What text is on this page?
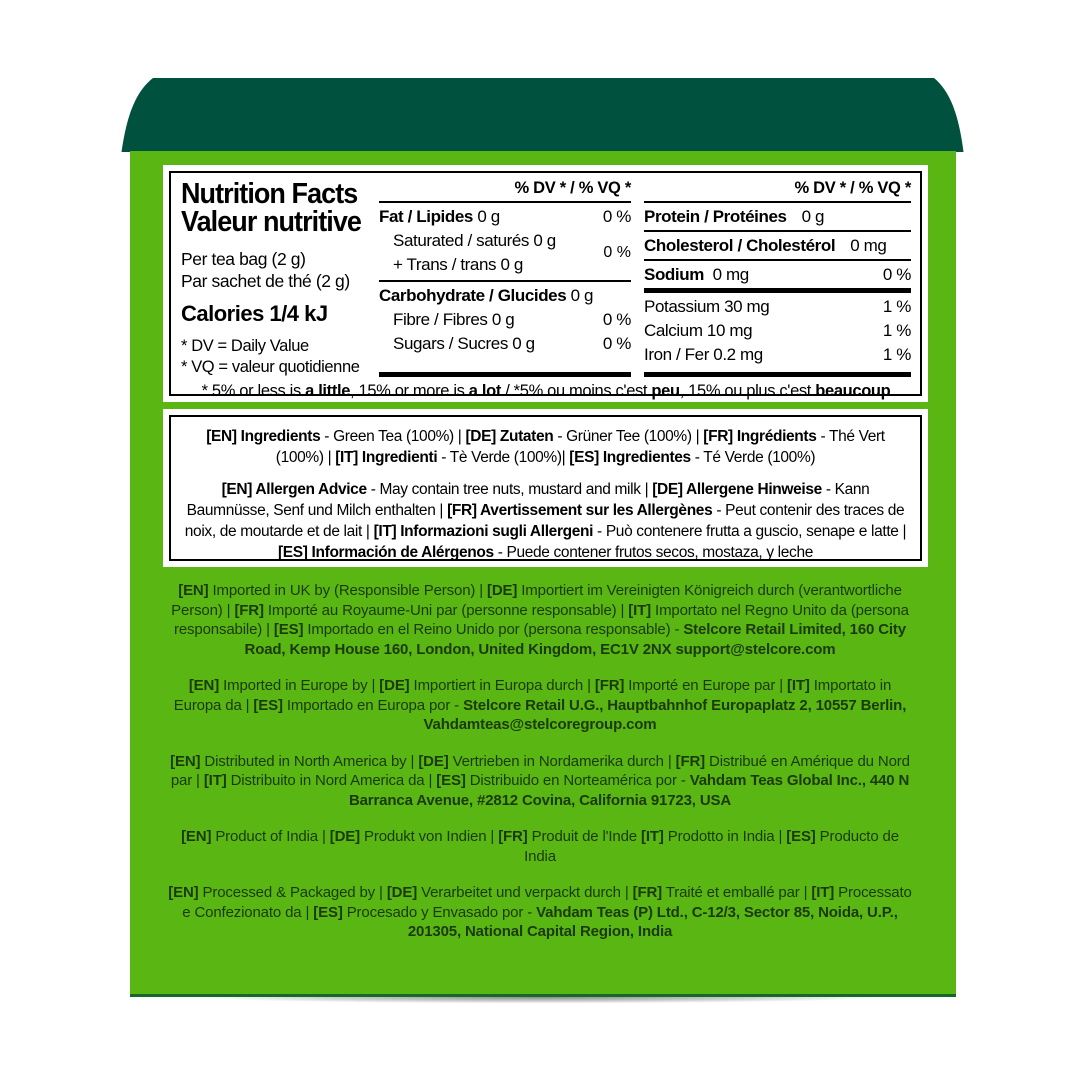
Nutrition Facts
Valeur nutritive
Per tea bag (2 g)
Par sachet de thé (2 g)
Calories 1/4 kJ
* DV = Daily Value
* VQ = valeur quotidienne
% DV * / % VQ *
Fat / Lipides 0 g	0 %
Saturated / saturés 0 g
+ Trans / trans 0 g
0 %
Carbohydrate / Glucides 0 g
Fibre / Fibres 0 g	0 %
Sugars / Sucres 0 g	0 %
% DV * / % VQ *
Protein / Protéines 0 g
Cholesterol / Cholestérol 0 mg
Sodium 0 mg	0 %
Potassium 30 mg	1 %
Calcium 10 mg	1 %
Iron / Fer 0.2 mg	1 %
* 5% or less is a little, 15% or more is a lot / *5% ou moins c'est peu, 15% ou plus c'est beaucoup

[EN] Ingredients - Green Tea (100%) | [DE] Zutaten - Grüner Tee (100%) | [FR] Ingrédients - Thé Vert (100%) | [IT] Ingredienti - Tè Verde (100%)| [ES] Ingredientes - Té Verde (100%)

[EN] Allergen Advice - May contain tree nuts, mustard and milk | [DE] Allergene Hinweise - Kann Baumnüsse, Senf und Milch enthalten | [FR] Avertissement sur les Allergènes - Peut contenir des traces de noix, de moutarde et de lait | [IT] Informazioni sugli Allergeni - Può contenere frutta a guscio, senape e latte | [ES] Información de Alérgenos - Puede contener frutos secos, mostaza, y leche

[EN] Imported in UK by (Responsible Person) | [DE] Importiert im Vereinigten Königreich durch (verantwortliche Person) | [FR] Importé au Royaume-Uni par (personne responsable) | [IT] Importato nel Regno Unito da (persona responsabile) | [ES] Importado en el Reino Unido por (persona responsable) - Stelcore Retail Limited, 160 City Road, Kemp House 160, London, United Kingdom, EC1V 2NX support@stelcore.com

[EN] Imported in Europe by | [DE] Importiert in Europa durch | [FR] Importé en Europe par | [IT] Importato in Europa da | [ES] Importado en Europa por - Stelcore Retail U.G., Hauptbahnhof Europaplatz 2, 10557 Berlin, Vahdamteas@stelcoregroup.com

[EN] Distributed in North America by | [DE] Vertrieben in Nordamerika durch | [FR] Distribué en Amérique du Nord par | [IT] Distribuito in Nord America da | [ES] Distribuido en Norteamérica por - Vahdam Teas Global Inc., 440 N Barranca Avenue, #2812 Covina, California 91723, USA

[EN] Product of India | [DE] Produkt von Indien | [FR] Produit de l'Inde [IT] Prodotto in India | [ES] Producto de India

[EN] Processed & Packaged by | [DE] Verarbeitet und verpackt durch | [FR] Traité et emballé par | [IT] Processato e Confezionato da | [ES] Procesado y Envasado por - Vahdam Teas (P) Ltd., C-12/3, Sector 85, Noida, U.P., 201305, National Capital Region, India
